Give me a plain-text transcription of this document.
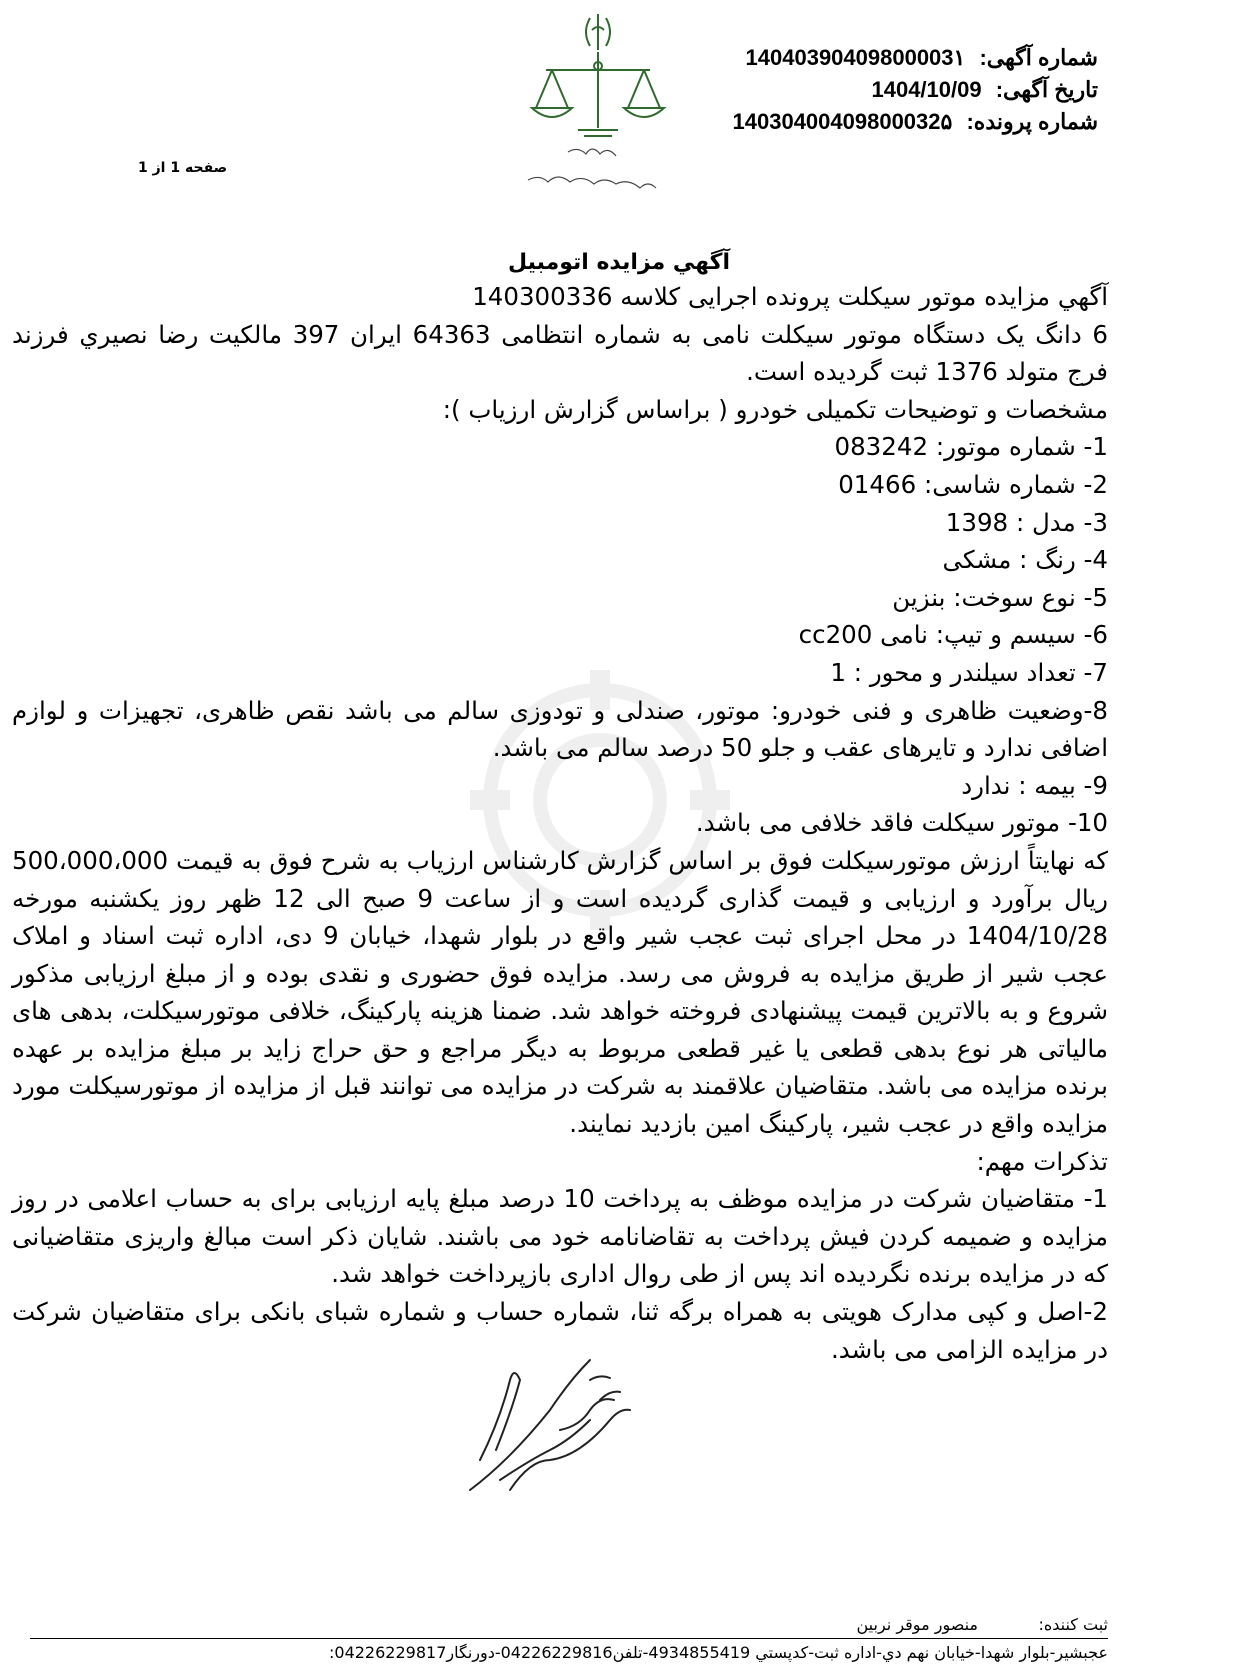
شماره آگهی: 14040390409800003۱
تاریخ آگهی: 1404/10/09
شماره پرونده: 14030400409800032۵
صفحه 1 از 1
آگهي مزايده اتومبيل

آگهي مزايده موتور سيكلت پرونده اجرايی كلاسه 140300336

6 دانگ يک دستگاه موتور سيكلت نامی به شماره انتظامی 64363 ايران 397 مالكيت رضا نصيري فرزند فرج متولد 1376 ثبت گرديده است.

مشخصات و توضيحات تكميلی خودرو ( براساس گزارش ارزياب ):

1- شماره موتور: 083242

2- شماره شاسی: 01466

3- مدل : 1398

4- رنگ : مشكی

5- نوع سوخت: بنزين

6- سيسم و تيپ: نامی cc200

7- تعداد سيلندر و محور : 1

8-وضعيت ظاهری و فنی خودرو: موتور، صندلی و تودوزی سالم می باشد نقص ظاهری، تجهيزات و لوازم اضافی ندارد و تايرهای عقب و جلو 50 درصد سالم می باشد.

9- بيمه : ندارد

10- موتور سيكلت فاقد خلافی می باشد.

كه نهايتاً ارزش موتورسيكلت فوق بر اساس گزارش كارشناس ارزياب به شرح فوق به قيمت 500،000،000 ريال برآورد و ارزيابی و قيمت گذاری گرديده است و از ساعت 9 صبح الی 12 ظهر روز يكشنبه مورخه 1404/10/28 در محل اجرای ثبت عجب شير واقع در بلوار شهدا، خيابان 9 دی، اداره ثبت اسناد و املاک عجب شير از طريق مزايده به فروش می رسد. مزايده فوق حضوری و نقدی بوده و از مبلغ ارزيابی مذكور شروع و به بالاترين قيمت پيشنهادی فروخته خواهد شد. ضمنا هزينه پاركينگ، خلافی موتورسيكلت، بدهی های مالياتی هر نوع بدهی قطعی يا غير قطعی مربوط به ديگر مراجع و حق حراج زايد بر مبلغ مزايده بر عهده برنده مزايده می باشد. متقاضيان علاقمند به شركت در مزايده می توانند قبل از مزايده از موتورسيكلت مورد مزايده واقع در عجب شير، پاركينگ امين بازديد نمايند.

تذكرات مهم:

1- متقاضيان شركت در مزايده موظف به پرداخت 10 درصد مبلغ پايه ارزيابی برای به حساب اعلامی در روز مزايده و ضميمه كردن فيش پرداخت به تقاضانامه خود می باشند. شايان ذكر است مبالغ واريزی متقاضيانی كه در مزايده برنده نگرديده اند پس از طی روال اداری بازپرداخت خواهد شد.

2-اصل و كپی مدارک هويتی به همراه برگه ثنا، شماره حساب و شماره شبای بانكی برای متقاضيان شركت در مزايده الزامی می باشد.

ثبت كننده:
منصور موقر نربين
عجبشير-بلوار شهدا-خيابان نهم دي-اداره ثبت-كدپستي 4934855419-تلفن04226229816-دورنگار04226229817:
